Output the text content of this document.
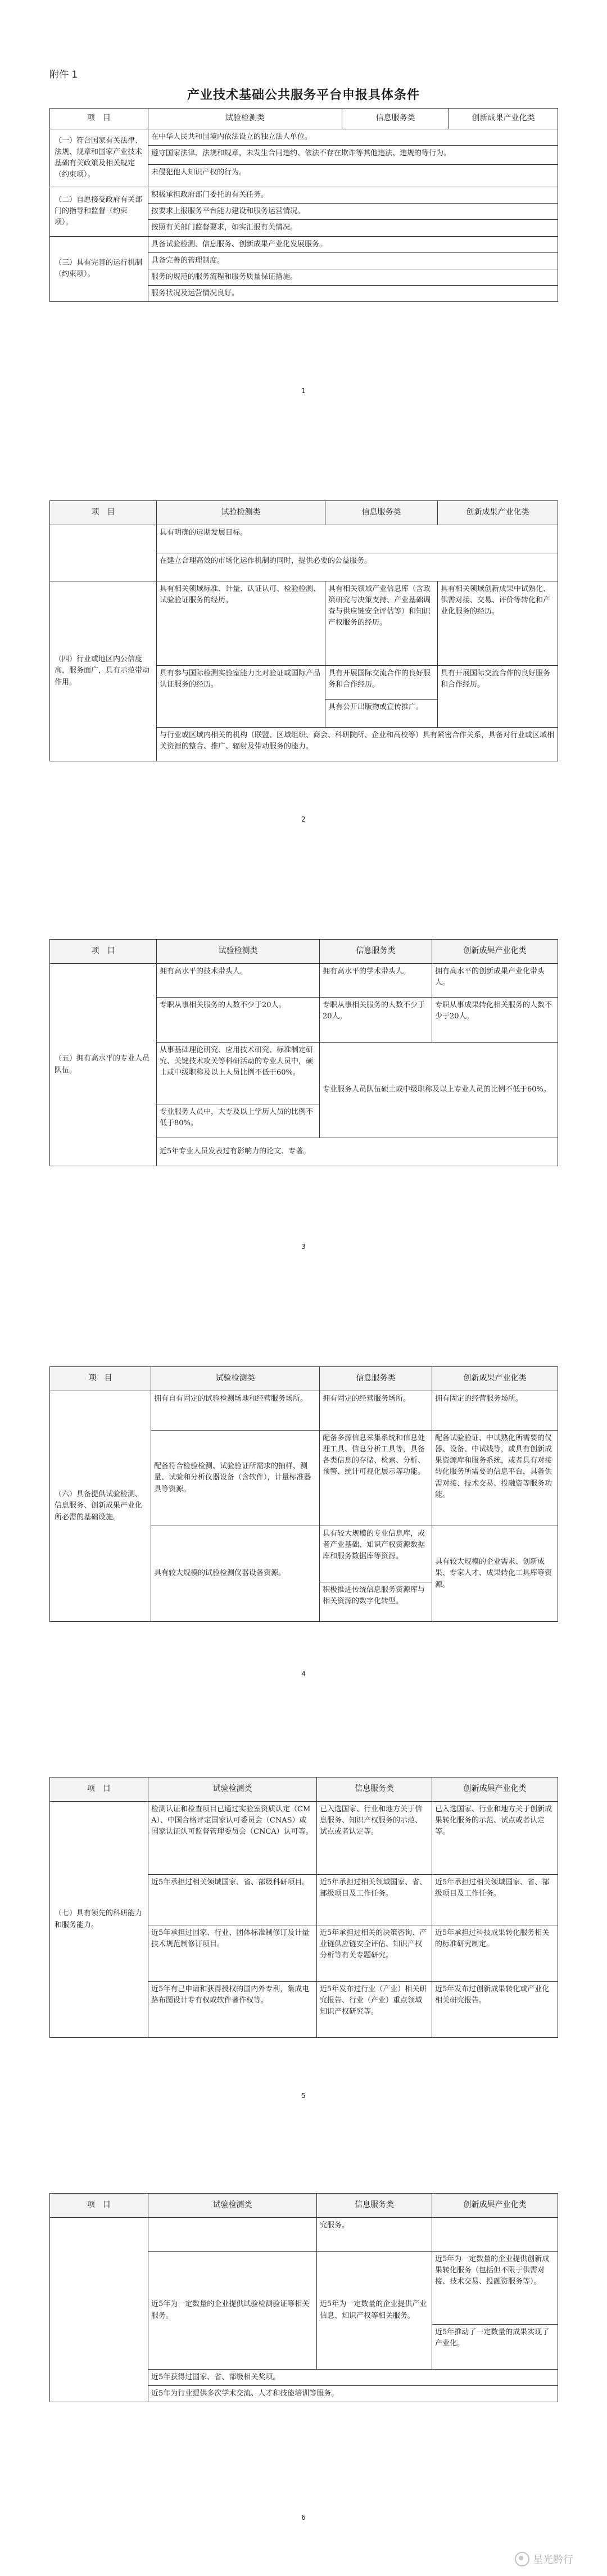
附件 1
产业技术基础公共服务平台申报具体条件
项　目	试验检测类	信息服务类	创新成果产业化类
（一）符合国家有关法律、法规、规章和国家产业技术基础有关政策及相关规定（约束项）。	在中华人民共和国境内依法设立的独立法人单位。		
	遵守国家法律、法规和规章，未发生合同违约、依法不存在欺诈等其他违法、违规的等行为。		
	未侵犯他人知识产权的行为。		
（二）自愿接受政府有关部门的指导和监督（约束项）。	积极承担政府部门委托的有关任务。		
	按要求上报服务平台能力建设和服务运营情况。		
	按照有关部门监督要求，如实汇报有关情况。		
（三）具有完善的运行机制（约束项）。	具备试验检测、信息服务、创新成果产业化发展服务。		
	具备完善的管理制度。		
	服务的规范的服务流程和服务质量保证措施。		
	服务状况及运营情况良好。		
1
项　目	试验检测类	信息服务类	创新成果产业化类
	具有明确的远期发展目标。		
	在建立合理高效的市场化运作机制的同时，提供必要的公益服务。		
（四）行业或地区内公信度高，服务面广，具有示范带动作用。	具有相关领域标准、计量、认证认可、检验检测、试验验证服务的经历。	具有相关领域产业信息库（含政策研究与决策支持、产业基础调查与供应链安全评估等）和知识产权服务的经历。	具有相关领域创新成果中试熟化、供需对接、交易、评价等转化和产业化服务的经历。
	具有参与国际检测实验室能力比对验证或国际产品认证服务的经历。	具有开展国际交流合作的良好服务和合作经历。	具有开展国际交流合作的良好服务和合作经历。
		具有公开出版物或宣传推广。	
	与行业或区域内相关的机构（联盟、区域组织、商会、科研院所、企业和高校等）具有紧密合作关系，具备对行业或区域相关资源的整合、推广、辐射及带动服务的能力。		
2
项　目	试验检测类	信息服务类	创新成果产业化类
（五）拥有高水平的专业人员队伍。	拥有高水平的技术带头人。	拥有高水平的学术带头人。	拥有高水平的创新成果产业化带头人。
	专职从事相关服务的人数不少于20人。	专职从事相关服务的人数不少于20人。	专职从事成果转化相关服务的人数不少于20人。
	从事基础理论研究、应用技术研究、标准制定研究、关键技术攻关等科研活动的专业人员中，硕士或中级职称及以上人员比例不低于60%。	专业服务人员队伍硕士或中级职称及以上专业人员的比例不低于60%。	
	专业服务人员中，大专及以上学历人员的比例不低于80%。		
	近5年专业人员发表过有影响力的论文、专著。		
3
项　目	试验检测类	信息服务类	创新成果产业化类
（六）具备提供试验检测、信息服务、创新成果产业化所必需的基础设施。	拥有自有固定的试验检测场地和经营服务场所。	拥有固定的经营服务场所。	拥有固定的经营服务场所。
	配备符合检验检测、试验验证所需求的抽样、测量、试验和分析仪器设备（含软件），计量标准器具等资源。	配备多源信息采集系统和信息处理工具、信息分析工具等，具备各类信息的存储、检索、分析、预警、统计可视化展示等功能。	配备试验验证、中试熟化所需要的仪器、设备、中试线等，或具有创新成果资源库和服务系统，或者具有对接转化服务所需要的信息平台，具备供需对接、技术交易、投融资等服务功能。
	具有较大规模的试验检测仪器设备资源。	具有较大规模的专业信息库，或者产业基础、知识产权资源数据库和服务数据库等资源。	具有较大规模的企业需求、创新成果、专家人才、成果转化工具库等资源。
		积极推进传统信息服务资源库与相关资源的数字化转型。	
4
项　目	试验检测类	信息服务类	创新成果产业化类
（七）具有领先的科研能力和服务能力。	检测认证和检查项目已通过实验室资质认定（CMA）、中国合格评定国家认可委员会（CNAS）或国家认证认可监督管理委员会（CNCA）认可等。	已入选国家、行业和地方关于信息服务、知识产权服务的示范、试点或者认定等。	已入选国家、行业和地方关于创新成果转化服务的示范、试点或者认定等。
	近5年承担过相关领域国家、省、部级科研项目。	近5年承担过相关领域国家、省、部级项目及工作任务。	近5年承担过相关领域国家、省、部级项目及工作任务。
	近5年承担过国家、行业、团体标准制修订及计量技术规范制修订项目。	近5年承担过相关的决策咨询、产业链供应链安全评估、知识产权分析等有关专题研究。	近5年承担过科技成果转化服务相关的标准研究制定。
	近5年有已申请和获得授权的国内外专利，集成电路布图设计专有权或软件著作权等。	近5年发布过行业（产业）相关研究报告、行业（产业）重点领域知识产权研究等。	近5年发布过创新成果转化或产业化相关研究报告。
5
项　目	试验检测类	信息服务类	创新成果产业化类
		究服务。	
	近5年为一定数量的企业提供试验检测验证等相关服务。	近5年为一定数量的企业提供产业信息、知识产权等相关服务。	近5年为一定数量的企业提供创新成果转化服务（包括但不限于供需对接、技术交易、投融资服务等）。
			近5年推动了一定数量的成果实现了产业化。
	近5年获得过国家、省、部级相关奖项。		
	近5年为行业提供多次学术交流、人才和技能培训等服务。		
6
星光黔行
